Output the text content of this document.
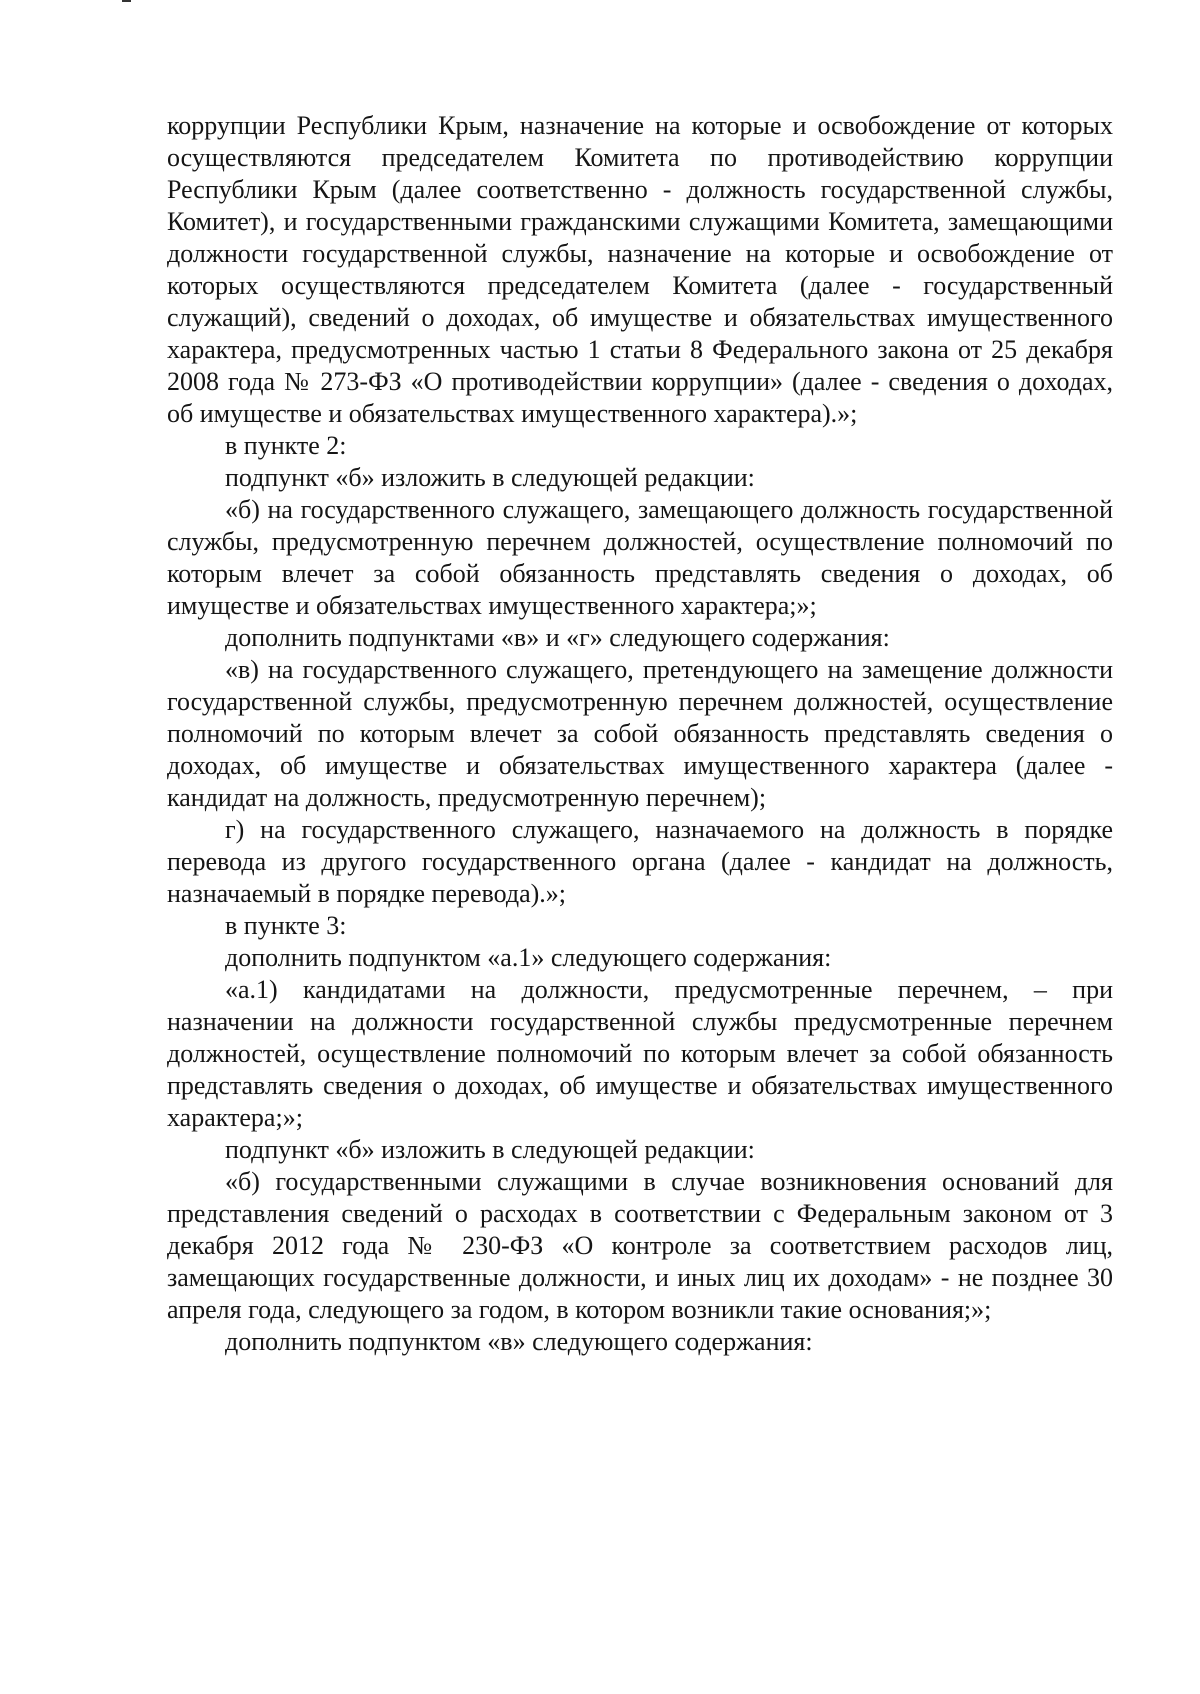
коррупции Республики Крым, назначение на которые и освобождение от которых осуществляются председателем Комитета по противодействию коррупции Республики Крым (далее соответственно - должность государственной службы, Комитет), и государственными гражданскими служащими Комитета, замещающими должности государственной службы, назначение на которые и освобождение от которых осуществляются председателем Комитета (далее - государственный служащий), сведений о доходах, об имуществе и обязательствах имущественного характера, предусмотренных частью 1 статьи 8 Федерального закона от 25 декабря 2008 года № 273-ФЗ «О противодействии коррупции» (далее - сведения о доходах, об имуществе и обязательствах имущественного характера).»;

в пункте 2:

подпункт «б» изложить в следующей редакции:

«б) на государственного служащего, замещающего должность государственной службы, предусмотренную перечнем должностей, осуществление полномочий по которым влечет за собой обязанность представлять сведения о доходах, об имуществе и обязательствах имущественного характера;»;

дополнить подпунктами «в» и «г» следующего содержания:

«в) на государственного служащего, претендующего на замещение должности государственной службы, предусмотренную перечнем должностей, осуществление полномочий по которым влечет за собой обязанность представлять сведения о доходах, об имуществе и обязательствах имущественного характера (далее - кандидат на должность, предусмотренную перечнем);

г) на государственного служащего, назначаемого на должность в порядке перевода из другого государственного органа (далее - кандидат на должность, назначаемый в порядке перевода).»;

в пункте 3:

дополнить подпунктом «а.1» следующего содержания:

«а.1) кандидатами на должности, предусмотренные перечнем, – при назначении на должности государственной службы предусмотренные перечнем должностей, осуществление полномочий по которым влечет за собой обязанность представлять сведения о доходах, об имуществе и обязательствах имущественного характера;»;

подпункт «б» изложить в следующей редакции:

«б) государственными служащими в случае возникновения оснований для представления сведений о расходах в соответствии с Федеральным законом от 3 декабря 2012 года № 230-ФЗ «О контроле за соответствием расходов лиц, замещающих государственные должности, и иных лиц их доходам» - не позднее 30 апреля года, следующего за годом, в котором возникли такие основания;»;

дополнить подпунктом «в» следующего содержания:
